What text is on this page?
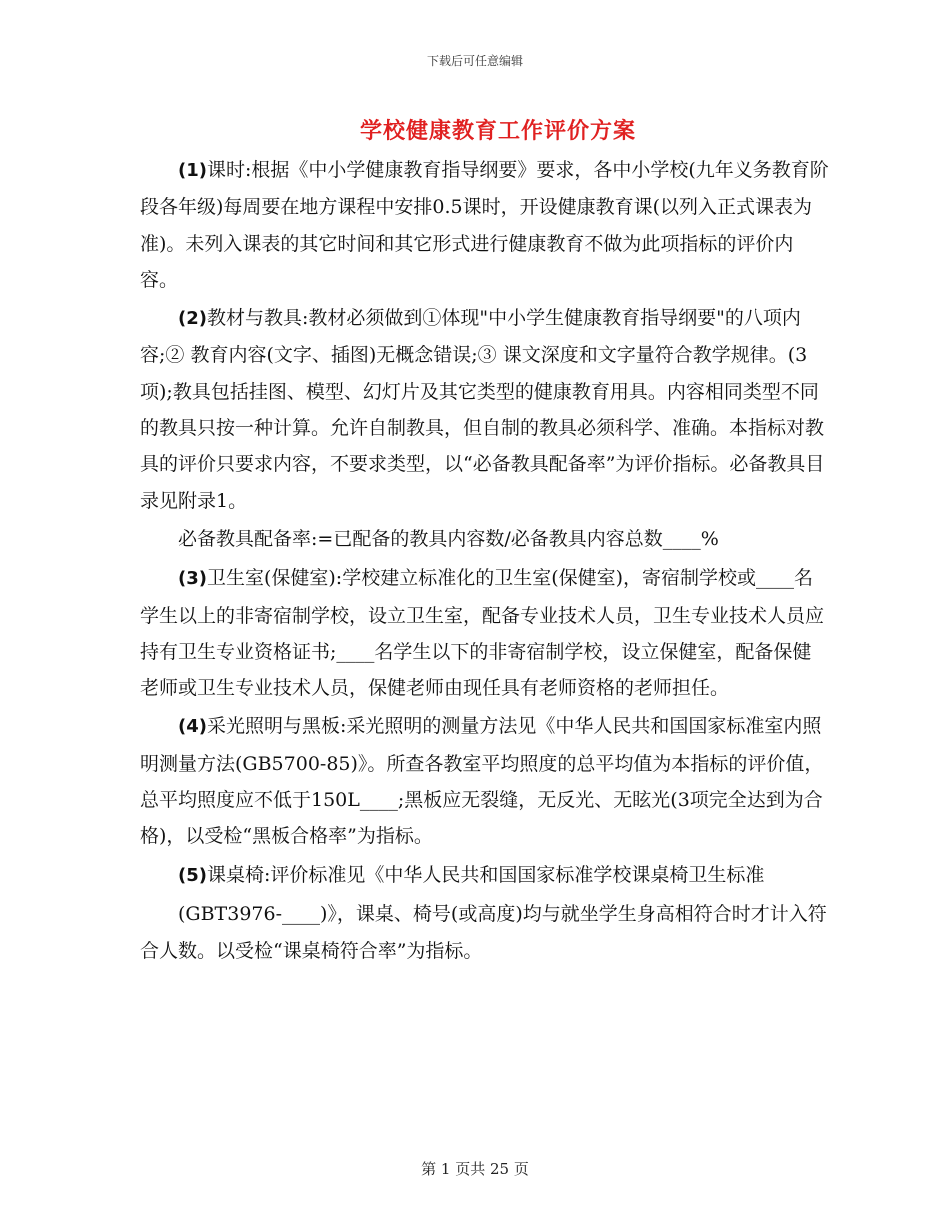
下载后可任意编辑
学校健康教育工作评价方案

(1)课时:根据《中小学健康教育指导纲要》要求，各中小学校(九年义务教育阶段各年级)每周要在地方课程中安排0.5课时，开设健康教育课(以列入正式课表为准)。未列入课表的其它时间和其它形式进行健康教育不做为此项指标的评价内容。

(2)教材与教具:教材必须做到①体现"中小学生健康教育指导纲要"的八项内容;② 教育内容(文字、插图)无概念错误;③ 课文深度和文字量符合教学规律。(3项);教具包括挂图、模型、幻灯片及其它类型的健康教育用具。内容相同类型不同的教具只按一种计算。允许自制教具，但自制的教具必须科学、准确。本指标对教具的评价只要求内容，不要求类型，以“必备教具配备率”为评价指标。必备教具目录见附录1。

必备教具配备率:=已配备的教具内容数/必备教具内容总数____%

(3)卫生室(保健室):学校建立标准化的卫生室(保健室)，寄宿制学校或____名学生以上的非寄宿制学校，设立卫生室，配备专业技术人员，卫生专业技术人员应持有卫生专业资格证书;____名学生以下的非寄宿制学校，设立保健室，配备保健老师或卫生专业技术人员，保健老师由现任具有老师资格的老师担任。

(4)采光照明与黑板:采光照明的测量方法见《中华人民共和国国家标准室内照明测量方法(GB5700-85)》。所查各教室平均照度的总平均值为本指标的评价值，总平均照度应不低于150L____;黑板应无裂缝，无反光、无眩光(3项完全达到为合格)，以受检“黑板合格率”为指标。

(5)课桌椅:评价标准见《中华人民共和国国家标准学校课桌椅卫生标准

(GBT3976-____)》，课桌、椅号(或高度)均与就坐学生身高相符合时才计入符合人数。以受检“课桌椅符合率”为指标。

第 1 页共 25 页
